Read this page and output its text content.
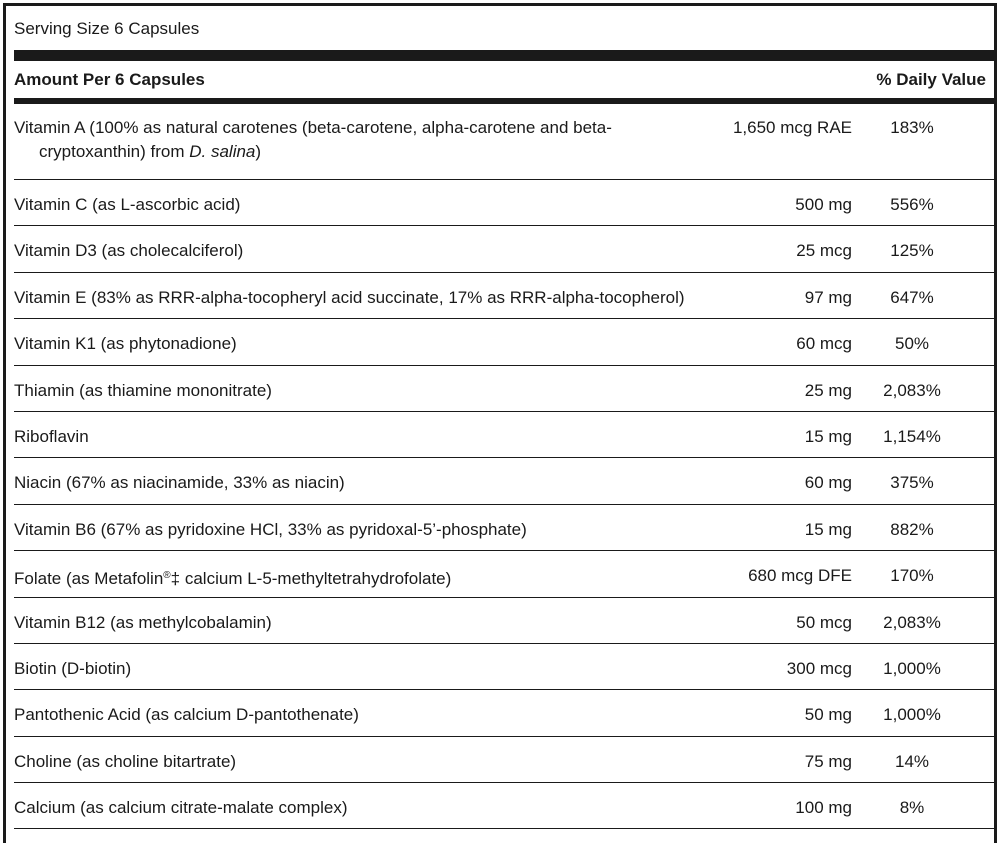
Serving Size 6 Capsules
Amount Per 6 Capsules	% Daily Value
Vitamin A (100% as natural carotenes (beta-carotene, alpha-carotene and beta-
cryptoxanthin) from D. salina)
1,650 mcg RAE	183%
Vitamin C (as L-ascorbic acid)	500 mg	556%
Vitamin D3 (as cholecalciferol)	25 mcg	125%
Vitamin E (83% as RRR-alpha-tocopheryl acid succinate, 17% as RRR-alpha-tocopherol)	97 mg	647%
Vitamin K1 (as phytonadione)	60 mcg	50%
Thiamin (as thiamine mononitrate)	25 mg	2,083%
Riboflavin	15 mg	1,154%
Niacin (67% as niacinamide, 33% as niacin)	60 mg	375%
Vitamin B6 (67% as pyridoxine HCl, 33% as pyridoxal-5’-phosphate)	15 mg	882%
Folate (as Metafolin®‡ calcium L-5-methyltetrahydrofolate)	680 mcg DFE	170%
Vitamin B12 (as methylcobalamin)	50 mcg	2,083%
Biotin (D-biotin)	300 mcg	1,000%
Pantothenic Acid (as calcium D-pantothenate)	50 mg	1,000%
Choline (as choline bitartrate)	75 mg	14%
Calcium (as calcium citrate-malate complex)	100 mg	8%
